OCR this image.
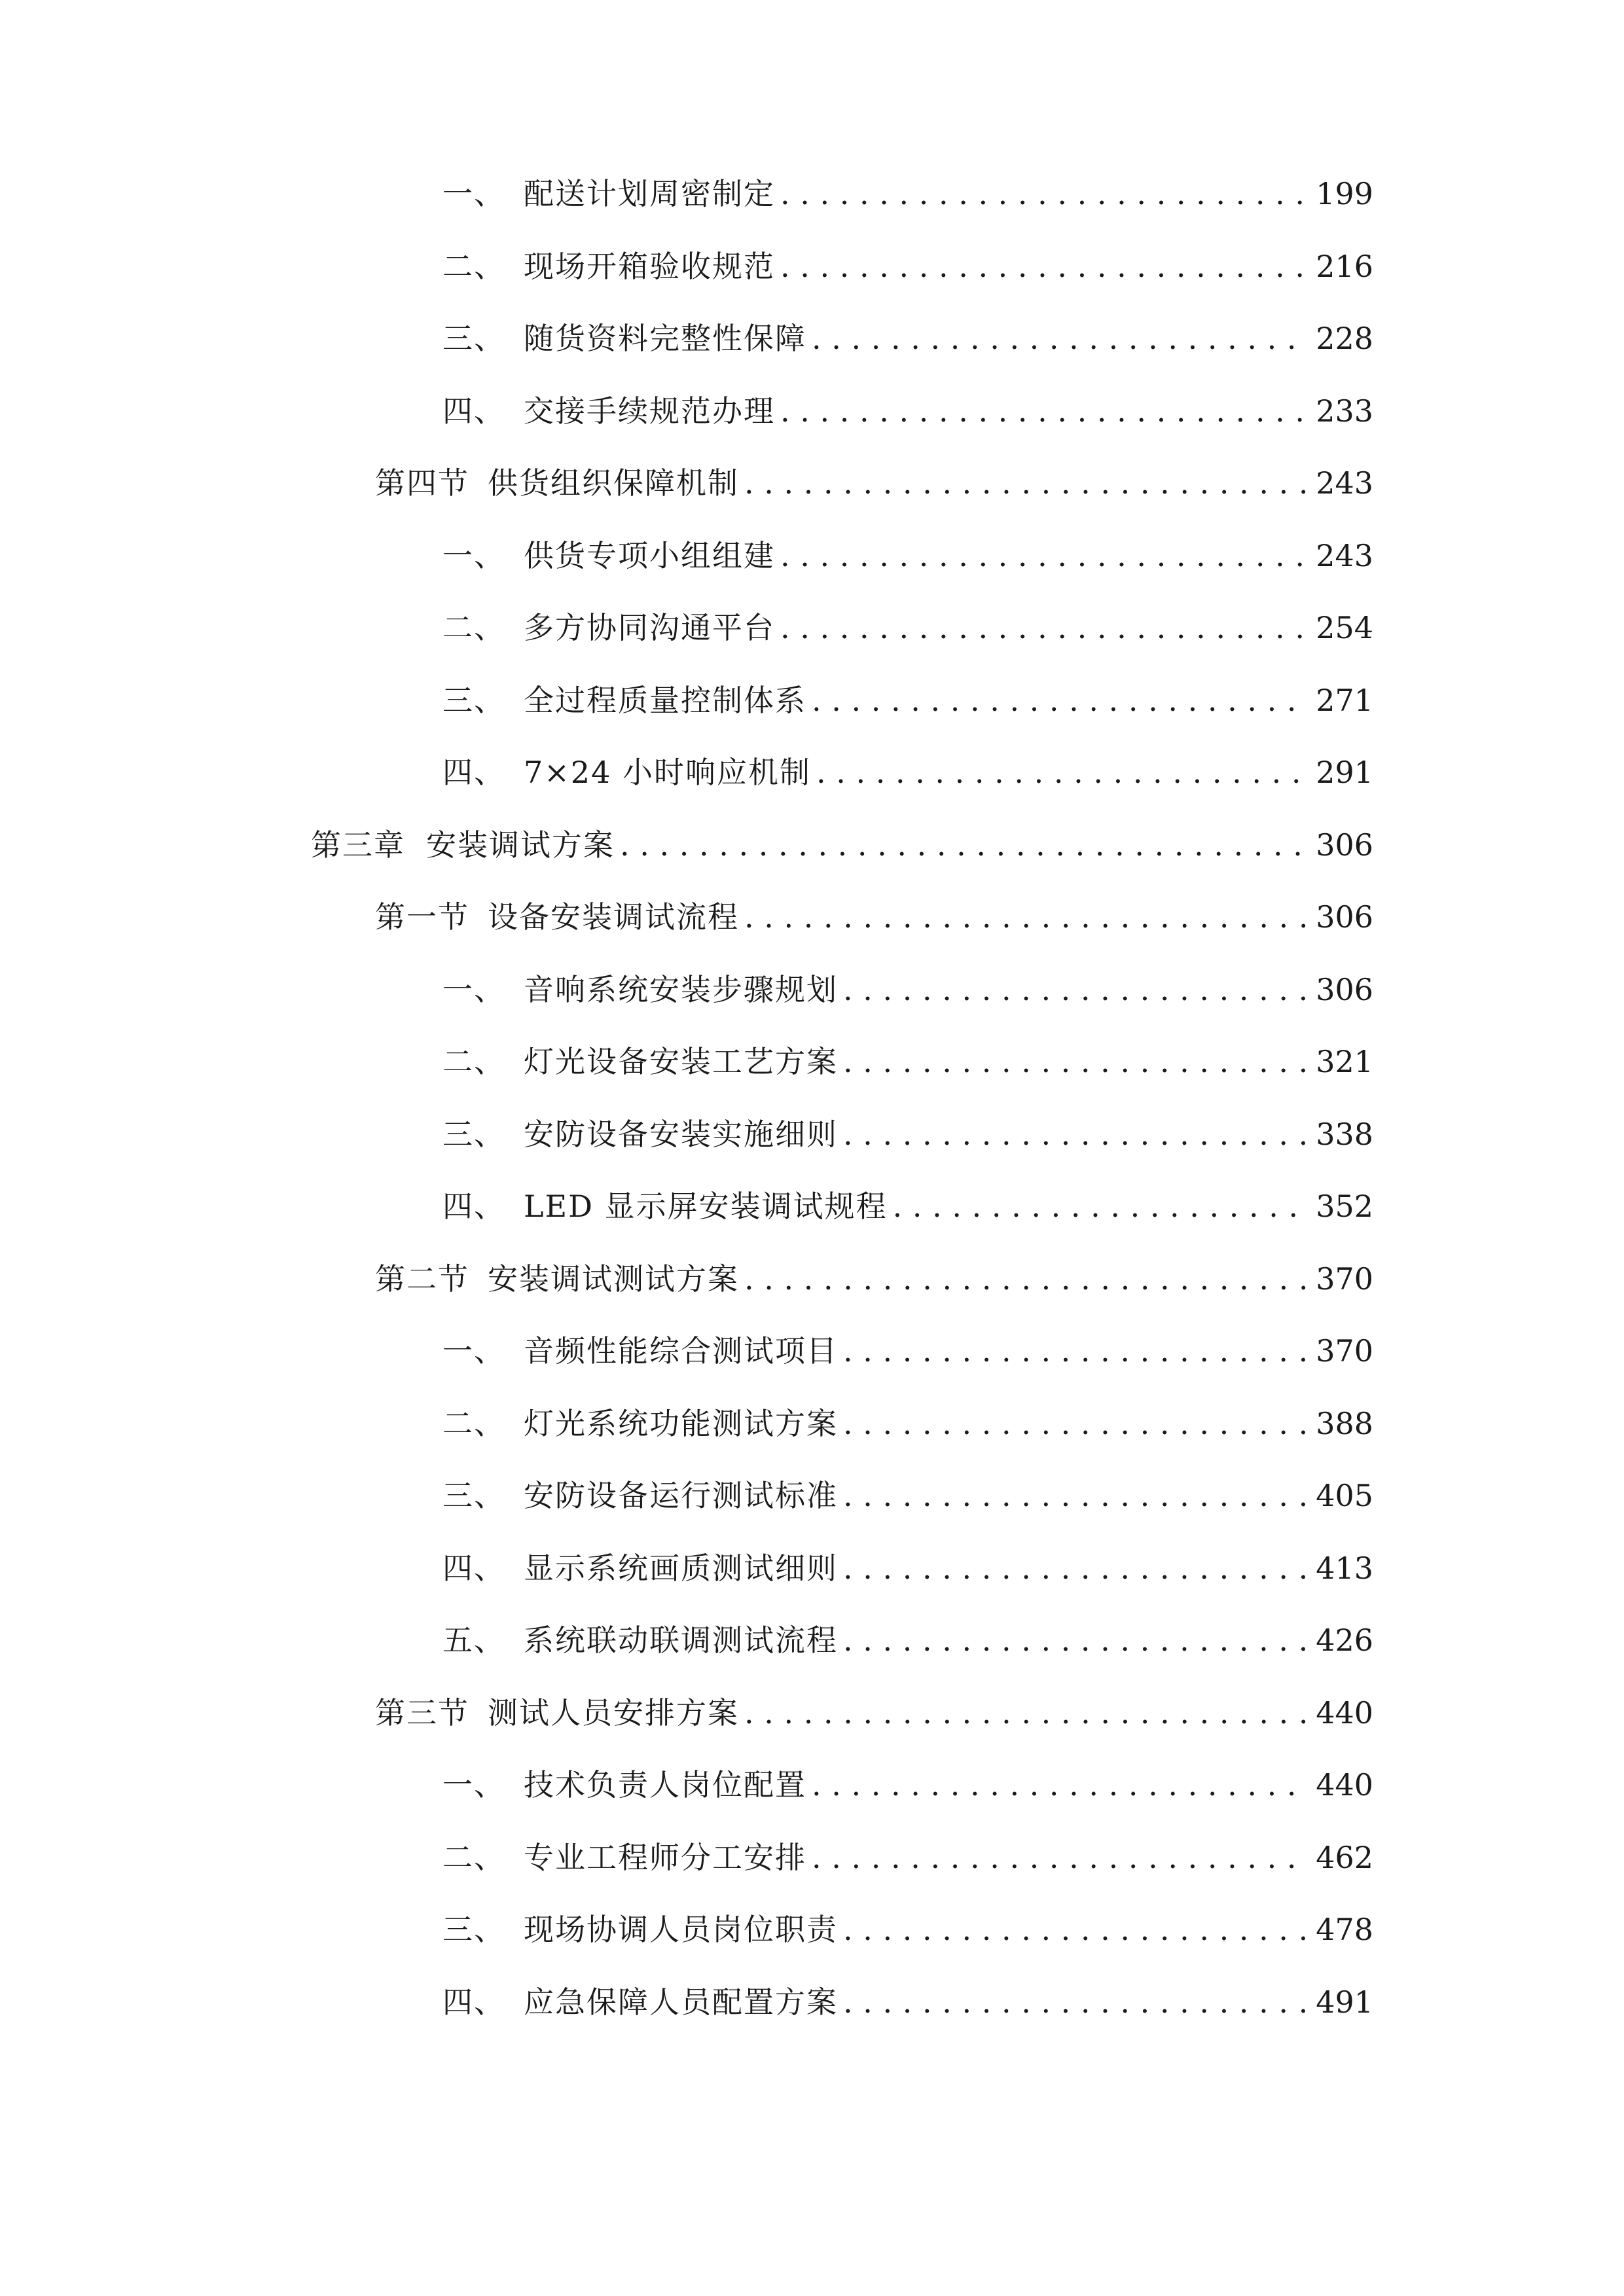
一、 配送计划周密制定 . . .	199
二、 现场开箱验收规范 . . .	216
三、 随货资料完整性保障 . . .	228
四、 交接手续规范办理 . . .	233
第四节 供货组织保障机制 . . .	243
一、 供货专项小组组建 . . .	243
二、 多方协同沟通平台 . . .	254
三、 全过程质量控制体系 . . .	271
四、 7×24 小时响应机制 . . .	291
第三章 安装调试方案 . . .	306
第一节 设备安装调试流程 . . .	306
一、 音响系统安装步骤规划 . . .	306
二、 灯光设备安装工艺方案 . . .	321
三、 安防设备安装实施细则 . . .	338
四、 LED 显示屏安装调试规程 . . .	352
第二节 安装调试测试方案 . . .	370
一、 音频性能综合测试项目 . . .	370
二、 灯光系统功能测试方案 . . .	388
三、 安防设备运行测试标准 . . .	405
四、 显示系统画质测试细则 . . .	413
五、 系统联动联调测试流程 . . .	426
第三节 测试人员安排方案 . . .	440
一、 技术负责人岗位配置 . . .	440
二、 专业工程师分工安排 . . .	462
三、 现场协调人员岗位职责 . . .	478
四、 应急保障人员配置方案 . . .	491
